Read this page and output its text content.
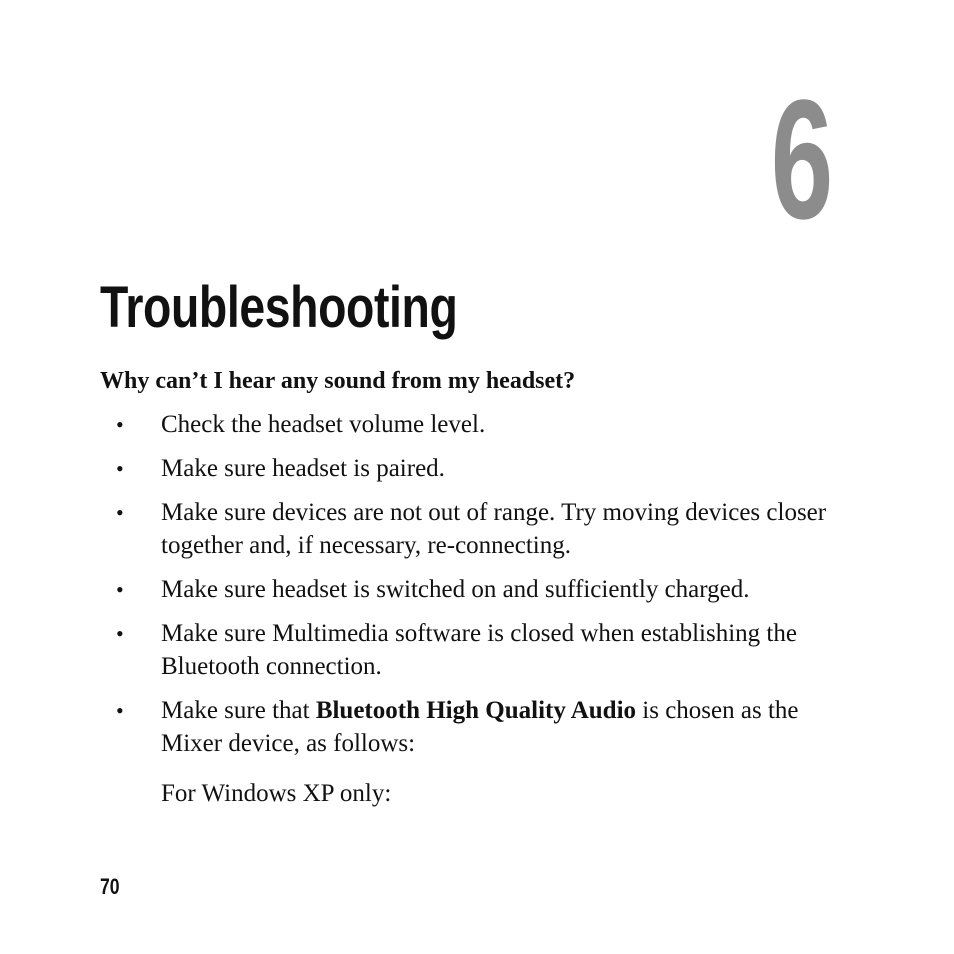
6
Troubleshooting

Why can’t I hear any sound from my headset?

• Check the headset volume level.
• Make sure headset is paired.
• Make sure devices are not out of range. Try moving devices closer together and, if necessary, re-connecting.
• Make sure headset is switched on and sufficiently charged.
• Make sure Multimedia software is closed when establishing the Bluetooth connection.
• Make sure that Bluetooth High Quality Audio is chosen as the Mixer device, as follows:

For Windows XP only:

70
